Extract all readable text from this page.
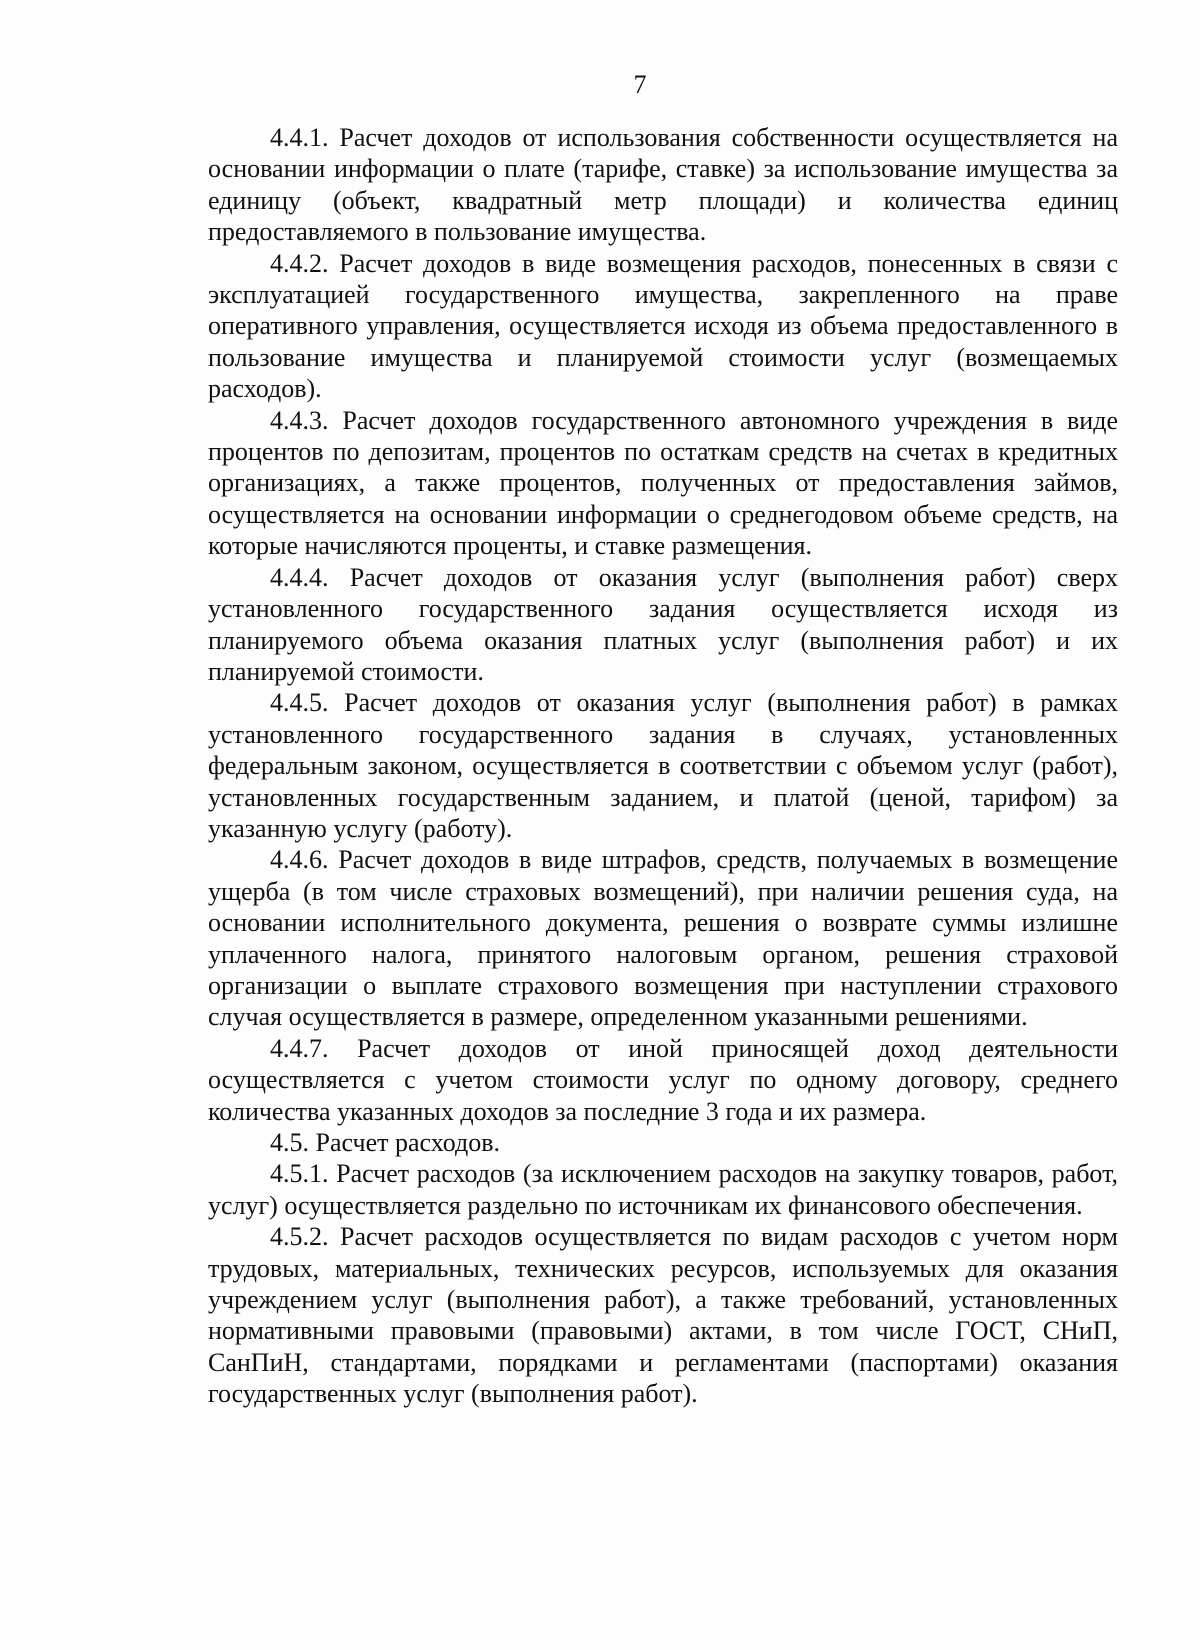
7

4.4.1. Расчет доходов от использования собственности осуществляется на основании информации о плате (тарифе, ставке) за использование имущества за единицу (объект, квадратный метр площади) и количества единиц предоставляемого в пользование имущества.

4.4.2. Расчет доходов в виде возмещения расходов, понесенных в связи с эксплуатацией государственного имущества, закрепленного на праве оперативного управления, осуществляется исходя из объема предоставленного в пользование имущества и планируемой стоимости услуг (возмещаемых расходов).

4.4.3. Расчет доходов государственного автономного учреждения в виде процентов по депозитам, процентов по остаткам средств на счетах в кредитных организациях, а также процентов, полученных от предоставления займов, осуществляется на основании информации о среднегодовом объеме средств, на которые начисляются проценты, и ставке размещения.

4.4.4. Расчет доходов от оказания услуг (выполнения работ) сверх установленного государственного задания осуществляется исходя из планируемого объема оказания платных услуг (выполнения работ) и их планируемой стоимости.

4.4.5. Расчет доходов от оказания услуг (выполнения работ) в рамках установленного государственного задания в случаях, установленных федеральным законом, осуществляется в соответствии с объемом услуг (работ), установленных государственным заданием, и платой (ценой, тарифом) за указанную услугу (работу).

4.4.6. Расчет доходов в виде штрафов, средств, получаемых в возмещение ущерба (в том числе страховых возмещений), при наличии решения суда, на основании исполнительного документа, решения о возврате суммы излишне уплаченного налога, принятого налоговым органом, решения страховой организации о выплате страхового возмещения при наступлении страхового случая осуществляется в размере, определенном указанными решениями.

4.4.7. Расчет доходов от иной приносящей доход деятельности осуществляется с учетом стоимости услуг по одному договору, среднего количества указанных доходов за последние 3 года и их размера.

4.5. Расчет расходов.

4.5.1. Расчет расходов (за исключением расходов на закупку товаров, работ, услуг) осуществляется раздельно по источникам их финансового обеспечения.

4.5.2. Расчет расходов осуществляется по видам расходов с учетом норм трудовых, материальных, технических ресурсов, используемых для оказания учреждением услуг (выполнения работ), а также требований, установленных нормативными правовыми (правовыми) актами, в том числе ГОСТ, СНиП, СанПиН, стандартами, порядками и регламентами (паспортами) оказания государственных услуг (выполнения работ).
